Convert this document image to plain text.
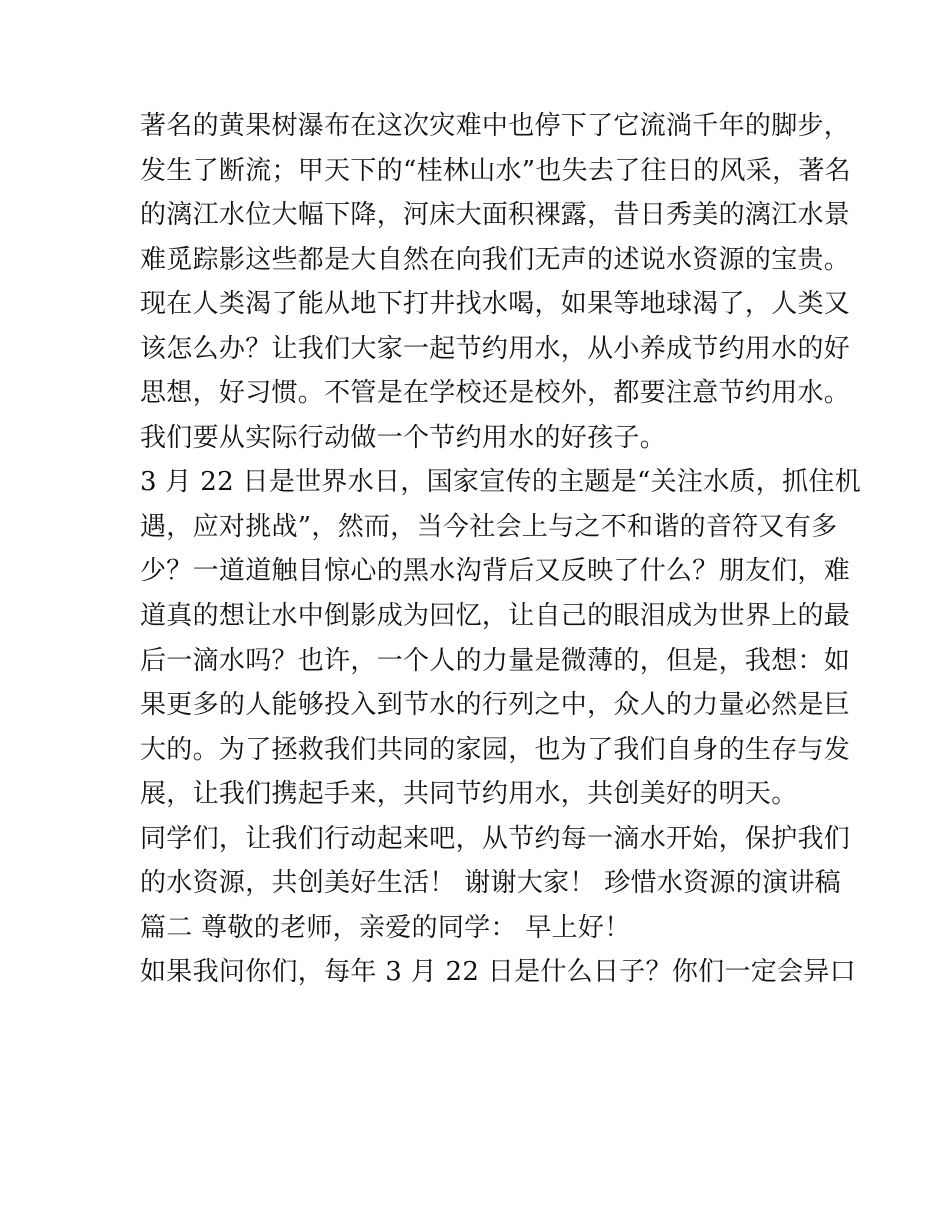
著名的黄果树瀑布在这次灾难中也停下了它流淌千年的脚步，
发生了断流；甲天下的“桂林山水”也失去了往日的风采，著名
的漓江水位大幅下降，河床大面积裸露，昔日秀美的漓江水景
难觅踪影这些都是大自然在向我们无声的述说水资源的宝贵。
现在人类渴了能从地下打井找水喝，如果等地球渴了，人类又
该怎么办？让我们大家一起节约用水，从小养成节约用水的好
思想，好习惯。不管是在学校还是校外，都要注意节约用水。
我们要从实际行动做一个节约用水的好孩子。
3 月 22 日是世界水日，国家宣传的主题是“关注水质，抓住机
遇，应对挑战”，然而，当今社会上与之不和谐的音符又有多
少？一道道触目惊心的黑水沟背后又反映了什么？朋友们，难
道真的想让水中倒影成为回忆，让自己的眼泪成为世界上的最
后一滴水吗？也许，一个人的力量是微薄的，但是，我想：如
果更多的人能够投入到节水的行列之中，众人的力量必然是巨
大的。为了拯救我们共同的家园，也为了我们自身的生存与发
展，让我们携起手来，共同节约用水，共创美好的明天。
同学们，让我们行动起来吧，从节约每一滴水开始，保护我们
的水资源，共创美好生活！ 谢谢大家！ 珍惜水资源的演讲稿
篇二 尊敬的老师，亲爱的同学： 早上好！
如果我问你们，每年 3 月 22 日是什么日子？你们一定会异口
